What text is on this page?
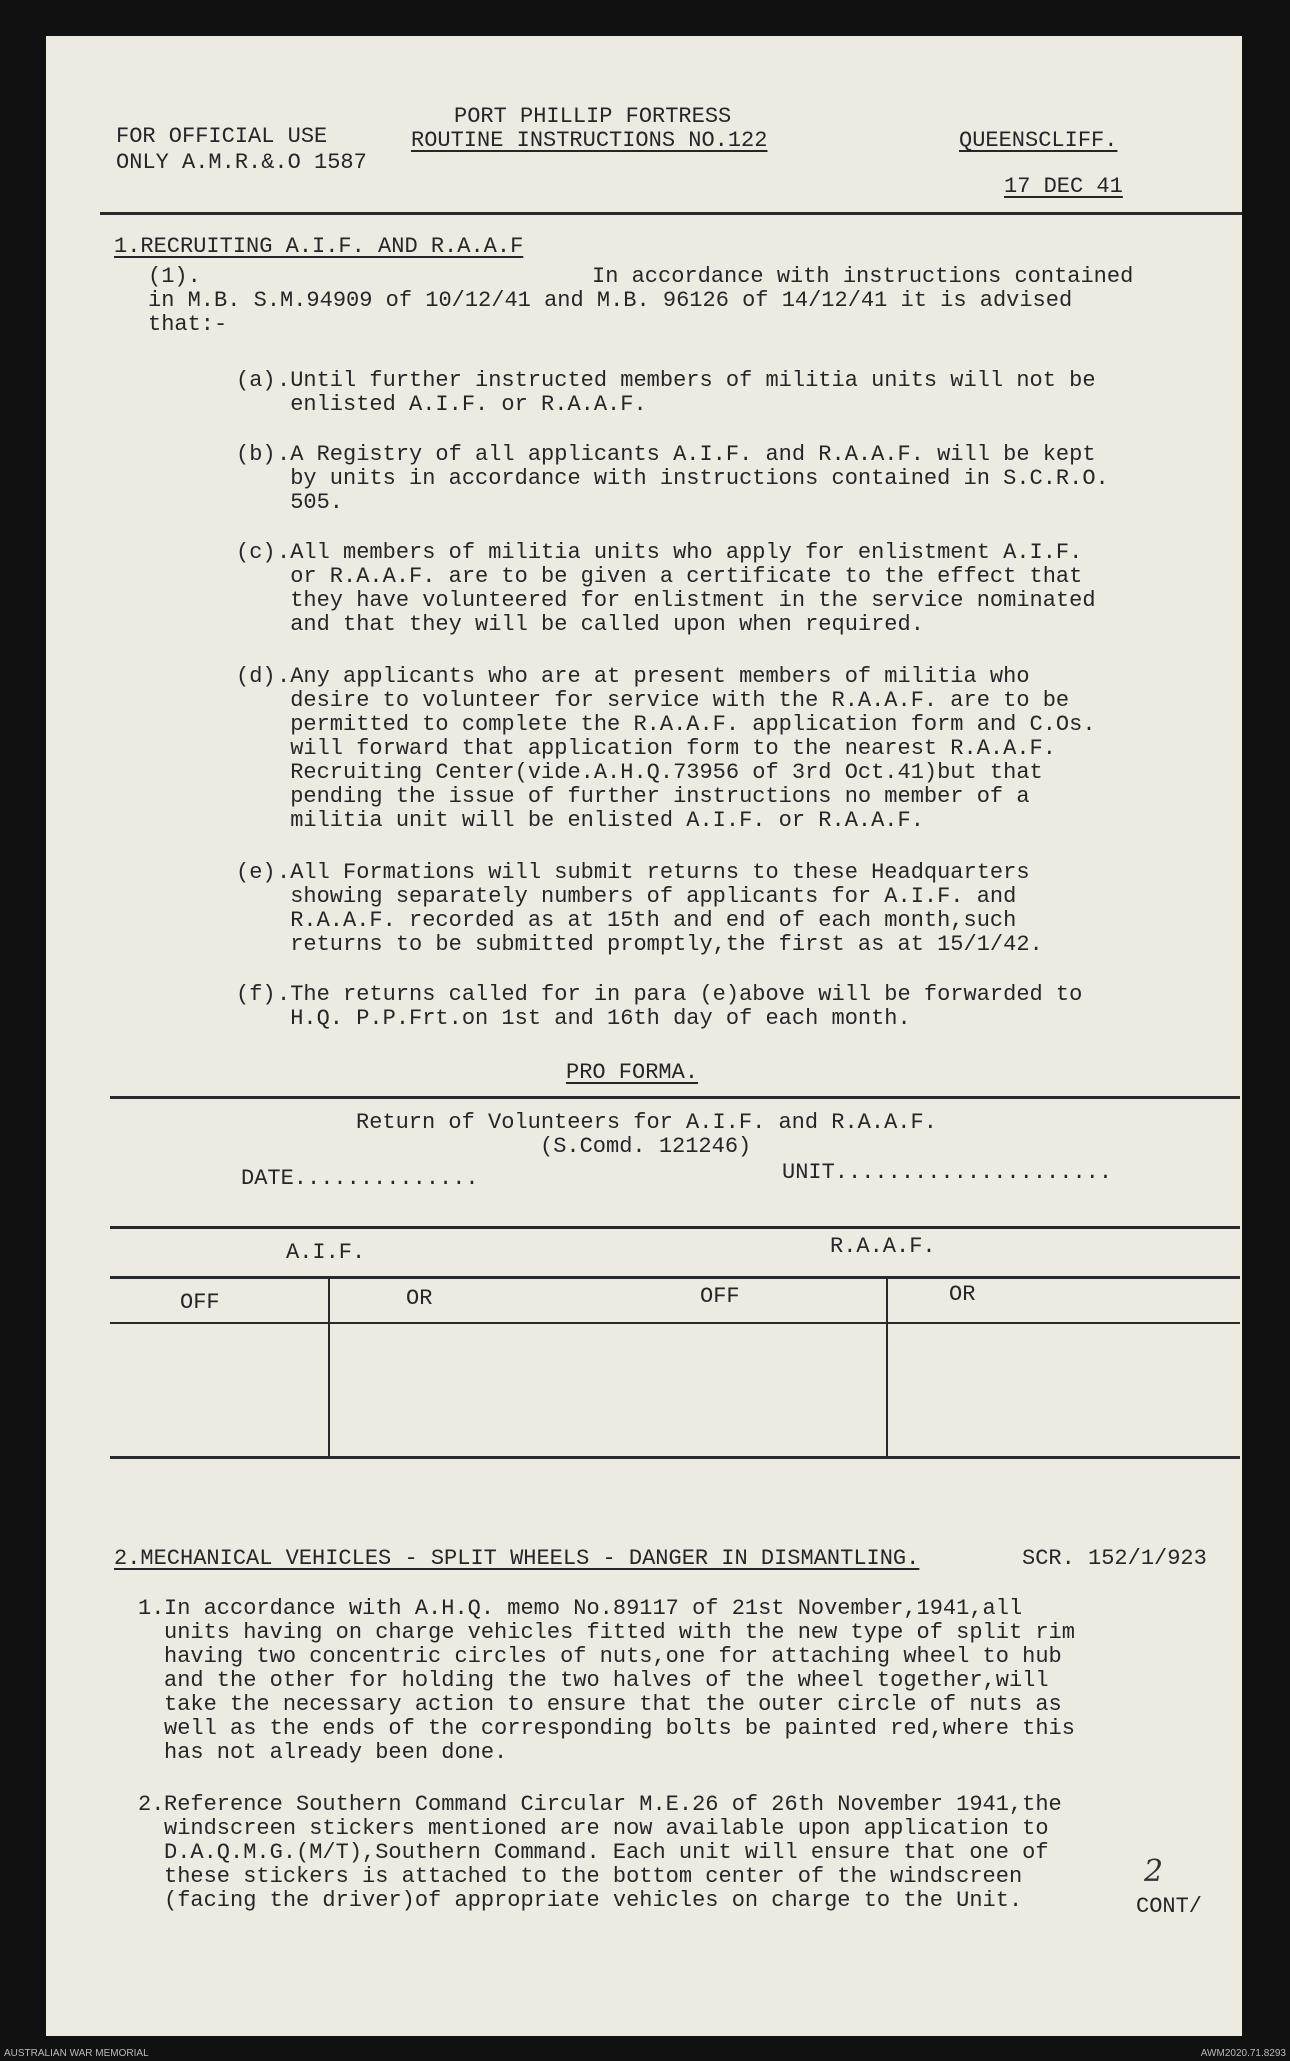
FOR OFFICIAL USE
ONLY A.M.R.&.O 1587
PORT PHILLIP FORTRESS
ROUTINE INSTRUCTIONS NO.122	QUEENSCLIFF.
17 DEC 41
1.RECRUITING A.I.F. AND R.A.A.F
(1).	In accordance with instructions contained
in M.B. S.M.94909 of 10/12/41 and M.B. 96126 of 14/12/41 it is advised
that:-
(a) .Until further instructed members of militia units will not be
enlisted A.I.F. or R.A.A.F.
(b) .A Registry of all applicants A.I.F. and R.A.A.F. will be kept
by units in accordance with instructions contained in S.C.R.O.
505.
(c) .All members of militia units who apply for enlistment A.I.F.
or R.A.A.F. are to be given a certificate to the effect that
they have volunteered for enlistment in the service nominated
and that they will be called upon when required.
(d) .Any applicants who are at present members of militia who
desire to volunteer for service with the R.A.A.F. are to be
permitted to complete the R.A.A.F. application form and C.Os.
will forward that application form to the nearest R.A.A.F.
Recruiting Center(vide.A.H.Q.73956 of 3rd Oct.41)but that
pending the issue of further instructions no member of a
militia unit will be enlisted A.I.F. or R.A.A.F.
(e) .All Formations will submit returns to these Headquarters
showing separately numbers of applicants for A.I.F. and
R.A.A.F. recorded as at 15th and end of each month,such
returns to be submitted promptly,the first as at 15/1/42.
(f) .The returns called for in para (e)above will be forwarded to
H.Q. P.P.Frt.on 1st and 16th day of each month.
PRO FORMA.
Return of Volunteers for A.I.F. and R.A.A.F.
(S.Comd. 121246)
DATE..............	UNIT.....................
A.I.F.	R.A.A.F.
OFF	OR	OFF	OR
2.MECHANICAL VEHICLES - SPLIT WHEELS - DANGER IN DISMANTLING.	SCR. 152/1/923
1. In accordance with A.H.Q. memo No.89117 of 21st November,1941,all
units having on charge vehicles fitted with the new type of split rim
having two concentric circles of nuts,one for attaching wheel to hub
and the other for holding the two halves of the wheel together,will
take the necessary action to ensure that the outer circle of nuts as
well as the ends of the corresponding bolts be painted red,where this
has not already been done.
2. Reference Southern Command Circular M.E.26 of 26th November 1941,the
windscreen stickers mentioned are now available upon application to
D.A.Q.M.G.(M/T),Southern Command. Each unit will ensure that one of
these stickers is attached to the bottom center of the windscreen
(facing the driver)of appropriate vehicles on charge to the Unit.
2
CONT/
AUSTRALIAN WAR MEMORIAL	AWM2020.71.8293
